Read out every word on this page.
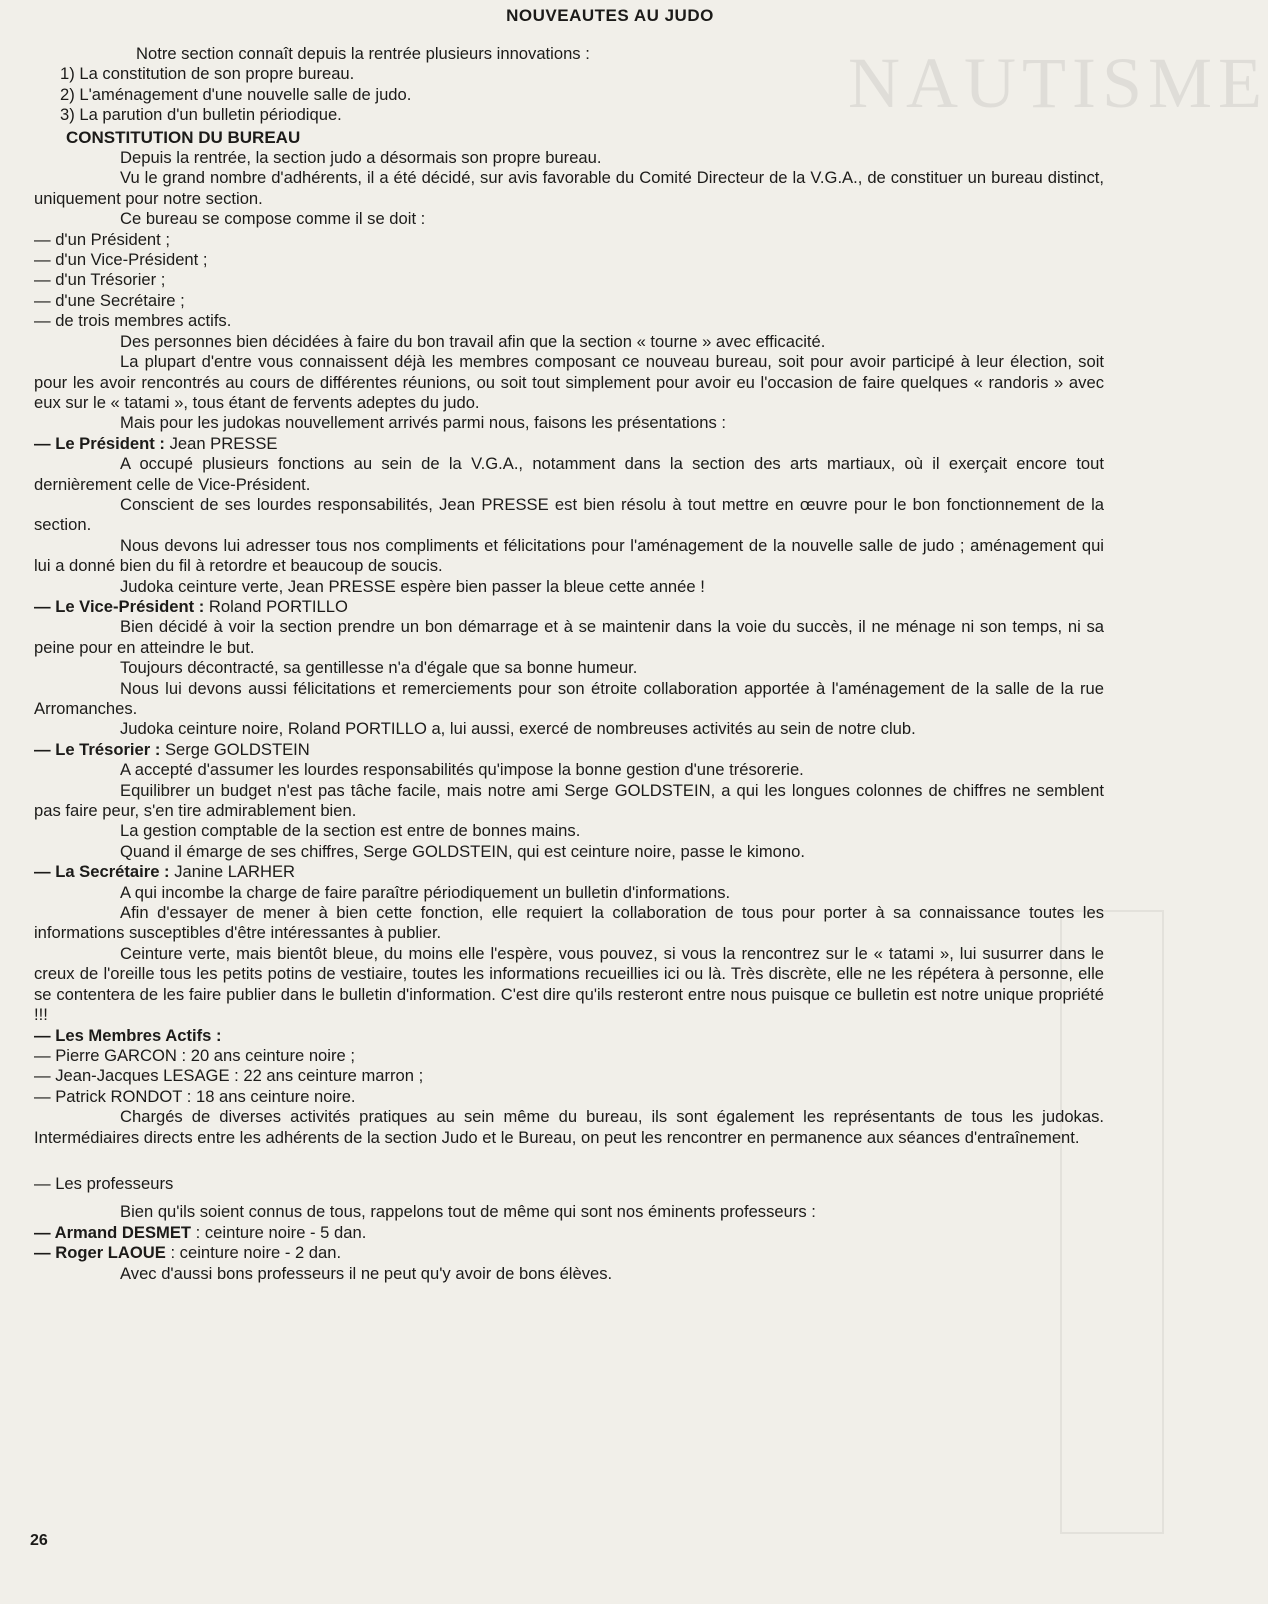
NAUTISME
NOUVEAUTES AU JUDO

Notre section connaît depuis la rentrée plusieurs innovations :

1) La constitution de son propre bureau.

2) L'aménagement d'une nouvelle salle de judo.

3) La parution d'un bulletin périodique.

CONSTITUTION DU BUREAU

Depuis la rentrée, la section judo a désormais son propre bureau.

Vu le grand nombre d'adhérents, il a été décidé, sur avis favorable du Comité Directeur de la V.G.A., de constituer un bureau distinct, uniquement pour notre section.

Ce bureau se compose comme il se doit :

— d'un Président ;

— d'un Vice-Président ;

— d'un Trésorier ;

— d'une Secrétaire ;

— de trois membres actifs.

Des personnes bien décidées à faire du bon travail afin que la section « tourne » avec efficacité.

La plupart d'entre vous connaissent déjà les membres composant ce nouveau bureau, soit pour avoir participé à leur élection, soit pour les avoir rencontrés au cours de différentes réunions, ou soit tout simplement pour avoir eu l'occasion de faire quelques « randoris » avec eux sur le « tatami », tous étant de fervents adeptes du judo.

Mais pour les judokas nouvellement arrivés parmi nous, faisons les présentations :

— Le Président : Jean PRESSE

A occupé plusieurs fonctions au sein de la V.G.A., notamment dans la section des arts martiaux, où il exerçait encore tout dernièrement celle de Vice-Président.

Conscient de ses lourdes responsabilités, Jean PRESSE est bien résolu à tout mettre en œuvre pour le bon fonctionnement de la section.

Nous devons lui adresser tous nos compliments et félicitations pour l'aménagement de la nouvelle salle de judo ; aménagement qui lui a donné bien du fil à retordre et beaucoup de soucis.

Judoka ceinture verte, Jean PRESSE espère bien passer la bleue cette année !

— Le Vice-Président : Roland PORTILLO

Bien décidé à voir la section prendre un bon démarrage et à se maintenir dans la voie du succès, il ne ménage ni son temps, ni sa peine pour en atteindre le but.

Toujours décontracté, sa gentillesse n'a d'égale que sa bonne humeur.

Nous lui devons aussi félicitations et remerciements pour son étroite collaboration apportée à l'aménagement de la salle de la rue Arromanches.

Judoka ceinture noire, Roland PORTILLO a, lui aussi, exercé de nombreuses activités au sein de notre club.

— Le Trésorier : Serge GOLDSTEIN

A accepté d'assumer les lourdes responsabilités qu'impose la bonne gestion d'une trésorerie.

Equilibrer un budget n'est pas tâche facile, mais notre ami Serge GOLDSTEIN, a qui les longues colonnes de chiffres ne semblent pas faire peur, s'en tire admirablement bien.

La gestion comptable de la section est entre de bonnes mains.

Quand il émarge de ses chiffres, Serge GOLDSTEIN, qui est ceinture noire, passe le kimono.

— La Secrétaire : Janine LARHER

A qui incombe la charge de faire paraître périodiquement un bulletin d'informations.

Afin d'essayer de mener à bien cette fonction, elle requiert la collaboration de tous pour porter à sa connaissance toutes les informations susceptibles d'être intéressantes à publier.

Ceinture verte, mais bientôt bleue, du moins elle l'espère, vous pouvez, si vous la rencontrez sur le « tatami », lui susurrer dans le creux de l'oreille tous les petits potins de vestiaire, toutes les informations recueillies ici ou là. Très discrète, elle ne les répétera à personne, elle se contentera de les faire publier dans le bulletin d'information. C'est dire qu'ils resteront entre nous puisque ce bulletin est notre unique propriété !!!

— Les Membres Actifs :

— Pierre GARCON : 20 ans ceinture noire ;

— Jean-Jacques LESAGE : 22 ans ceinture marron ;

— Patrick RONDOT : 18 ans ceinture noire.

Chargés de diverses activités pratiques au sein même du bureau, ils sont également les représentants de tous les judokas. Intermédiaires directs entre les adhérents de la section Judo et le Bureau, on peut les rencontrer en permanence aux séances d'entraînement.

— Les professeurs

Bien qu'ils soient connus de tous, rappelons tout de même qui sont nos éminents professeurs :

— Armand DESMET : ceinture noire - 5 dan.

— Roger LAOUE : ceinture noire - 2 dan.

Avec d'aussi bons professeurs il ne peut qu'y avoir de bons élèves.

26
